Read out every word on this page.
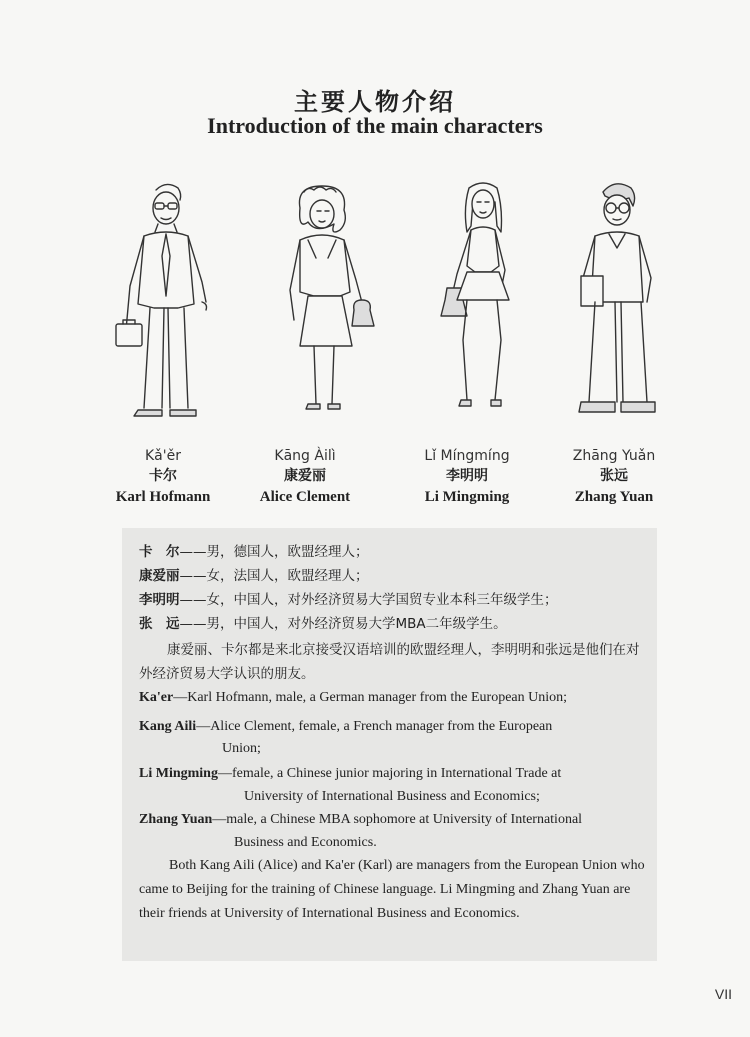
主要人物介绍
Introduction of the main characters
Kǎ'ěr
卡尔
Karl Hofmann
Kāng Àilì
康爱丽
Alice Clement
Lǐ Míngmíng
李明明
Li Mingming
Zhāng Yuǎn
张远
Zhang Yuan
卡　尔——男，德国人，欧盟经理人；
康爱丽——女，法国人，欧盟经理人；
李明明——女，中国人，对外经济贸易大学国贸专业本科三年级学生；
张　远——男，中国人，对外经济贸易大学MBA二年级学生。
康爱丽、卡尔都是来北京接受汉语培训的欧盟经理人，李明明和张远是他们在对外经济贸易大学认识的朋友。
Ka'er—Karl Hofmann, male, a German manager from the European Union;
Kang Aili—Alice Clement, female, a French manager from the European
Union;
Li Mingming—female, a Chinese junior majoring in International Trade at
University of International Business and Economics;
Zhang Yuan—male, a Chinese MBA sophomore at University of International
Business and Economics.
Both Kang Aili (Alice) and Ka'er (Karl) are managers from the European Union who came to Beijing for the training of Chinese language. Li Mingming and Zhang Yuan are their friends at University of International Business and Economics.
VII
